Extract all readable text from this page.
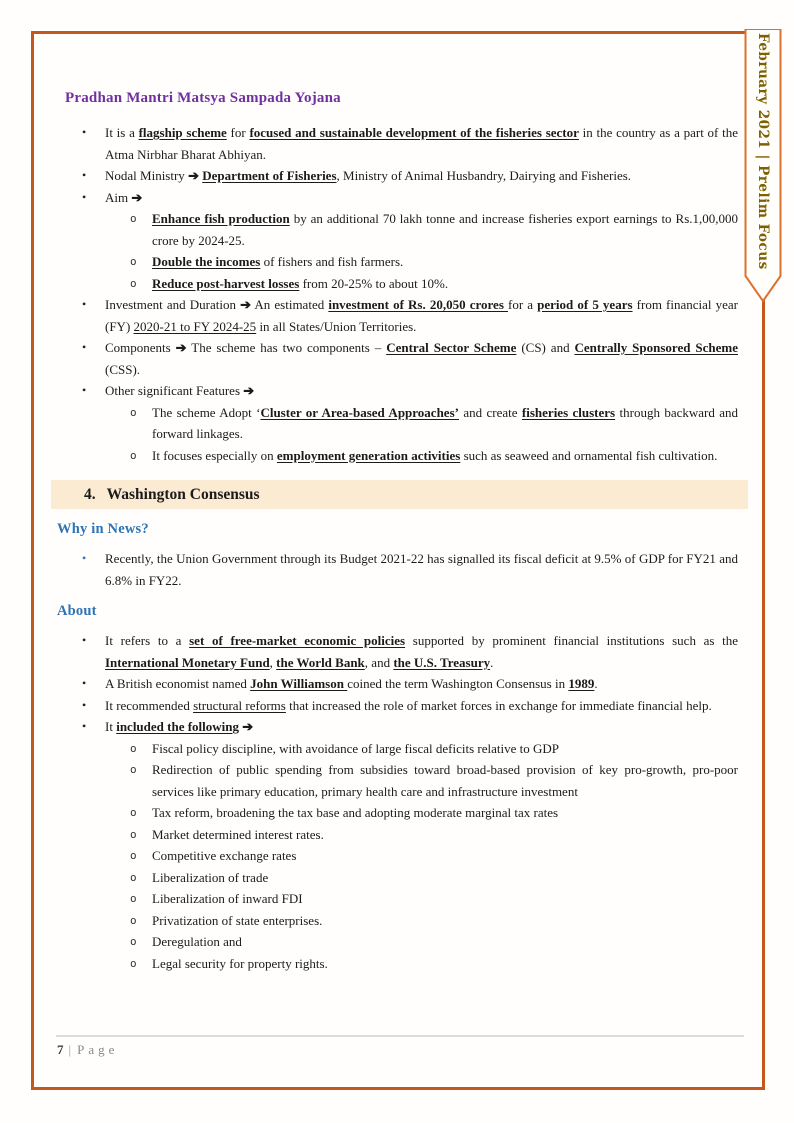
Pradhan Mantri Matsya Sampada Yojana
•	It is a flagship scheme for focused and sustainable development of the fisheries sector in the country as a part of the Atma Nirbhar Bharat Abhiyan.
•	Nodal Ministry ➔ Department of Fisheries, Ministry of Animal Husbandry, Dairying and Fisheries.
•	Aim ➔
o	Enhance fish production by an additional 70 lakh tonne and increase fisheries export earnings to Rs.1,00,000 crore by 2024-25.
o	Double the incomes of fishers and fish farmers.
o	Reduce post-harvest losses from 20-25% to about 10%.
•	Investment and Duration ➔ An estimated investment of Rs. 20,050 crores for a period of 5 years from financial year (FY) 2020-21 to FY 2024-25 in all States/Union Territories.
•	Components ➔ The scheme has two components – Central Sector Scheme (CS) and Centrally Sponsored Scheme (CSS).
•	Other significant Features ➔
o	The scheme Adopt ‘Cluster or Area-based Approaches’ and create fisheries clusters through backward and forward linkages.
o	It focuses especially on employment generation activities such as seaweed and ornamental fish cultivation.
4. Washington Consensus
Why in News?
•	Recently, the Union Government through its Budget 2021-22 has signalled its fiscal deficit at 9.5% of GDP for FY21 and 6.8% in FY22.
About
•	It refers to a set of free-market economic policies supported by prominent financial institutions such as the International Monetary Fund, the World Bank, and the U.S. Treasury.
•	A British economist named John Williamson coined the term Washington Consensus in 1989.
•	It recommended structural reforms that increased the role of market forces in exchange for immediate financial help.
•	It included the following ➔
o	Fiscal policy discipline, with avoidance of large fiscal deficits relative to GDP
o	Redirection of public spending from subsidies toward broad-based provision of key pro-growth, pro-poor services like primary education, primary health care and infrastructure investment
o	Tax reform, broadening the tax base and adopting moderate marginal tax rates
o	Market determined interest rates.
o	Competitive exchange rates
o	Liberalization of trade
o	Liberalization of inward FDI
o	Privatization of state enterprises.
o	Deregulation and
o	Legal security for property rights.
7 | Page
February 2021 | Prelim Focus
